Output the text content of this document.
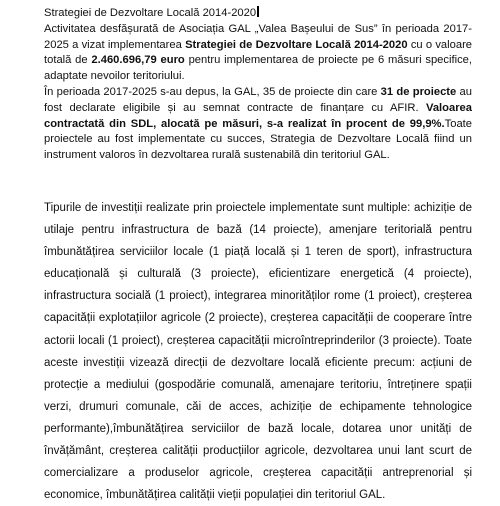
Strategiei de Dezvoltare Locală 2014-2020

Activitatea desfășurată de Asociația GAL „Valea Bașeului de Sus” în perioada 2017-2025 a vizat implementarea Strategiei de Dezvoltare Locală 2014-2020 cu o valoare totală de 2.460.696,79 euro pentru implementarea de proiecte pe 6 măsuri specifice, adaptate nevoilor teritoriului.

În perioada 2017-2025 s-au depus, la GAL, 35 de proiecte din care 31 de proiecte au fost declarate eligibile și au semnat contracte de finanțare cu AFIR. Valoarea contractată din SDL, alocată pe măsuri, s-a realizat în procent de 99,9%.Toate proiectele au fost implementate cu succes, Strategia de Dezvoltare Locală fiind un instrument valoros în dezvoltarea rurală sustenabilă din teritoriul GAL.

Tipurile de investiții realizate prin proiectele implementate sunt multiple: achiziție de utilaje pentru infrastructura de bază (14 proiecte), amenjare teritorială pentru îmbunătățirea serviciilor locale (1 piață locală și 1 teren de sport), infrastructura educațională și culturală (3 proiecte), eficientizare energetică (4 proiecte), infrastructura socială (1 proiect), integrarea minorităților rome (1 proiect), creșterea capacității explotațiilor agricole (2 proiecte), creșterea capacității de cooperare între actorii locali (1 proiect), creșterea capacității microîntreprinderilor (3 proiecte). Toate aceste investiții vizează direcții de dezvoltare locală eficiente precum: acțiuni de protecție a mediului (gospodărie comunală, amenajare teritoriu, întreținere spații verzi, drumuri comunale, căi de acces, achiziție de echipamente tehnologice performante),îmbunătățirea serviciilor de bază locale, dotarea unor unități de învățământ, creșterea calității producțiilor agricole, dezvoltarea unui lant scurt de comercializare a produselor agricole, creșterea capacității antreprenorial și economice, îmbunătățirea calității vieții populației din teritoriul GAL.
